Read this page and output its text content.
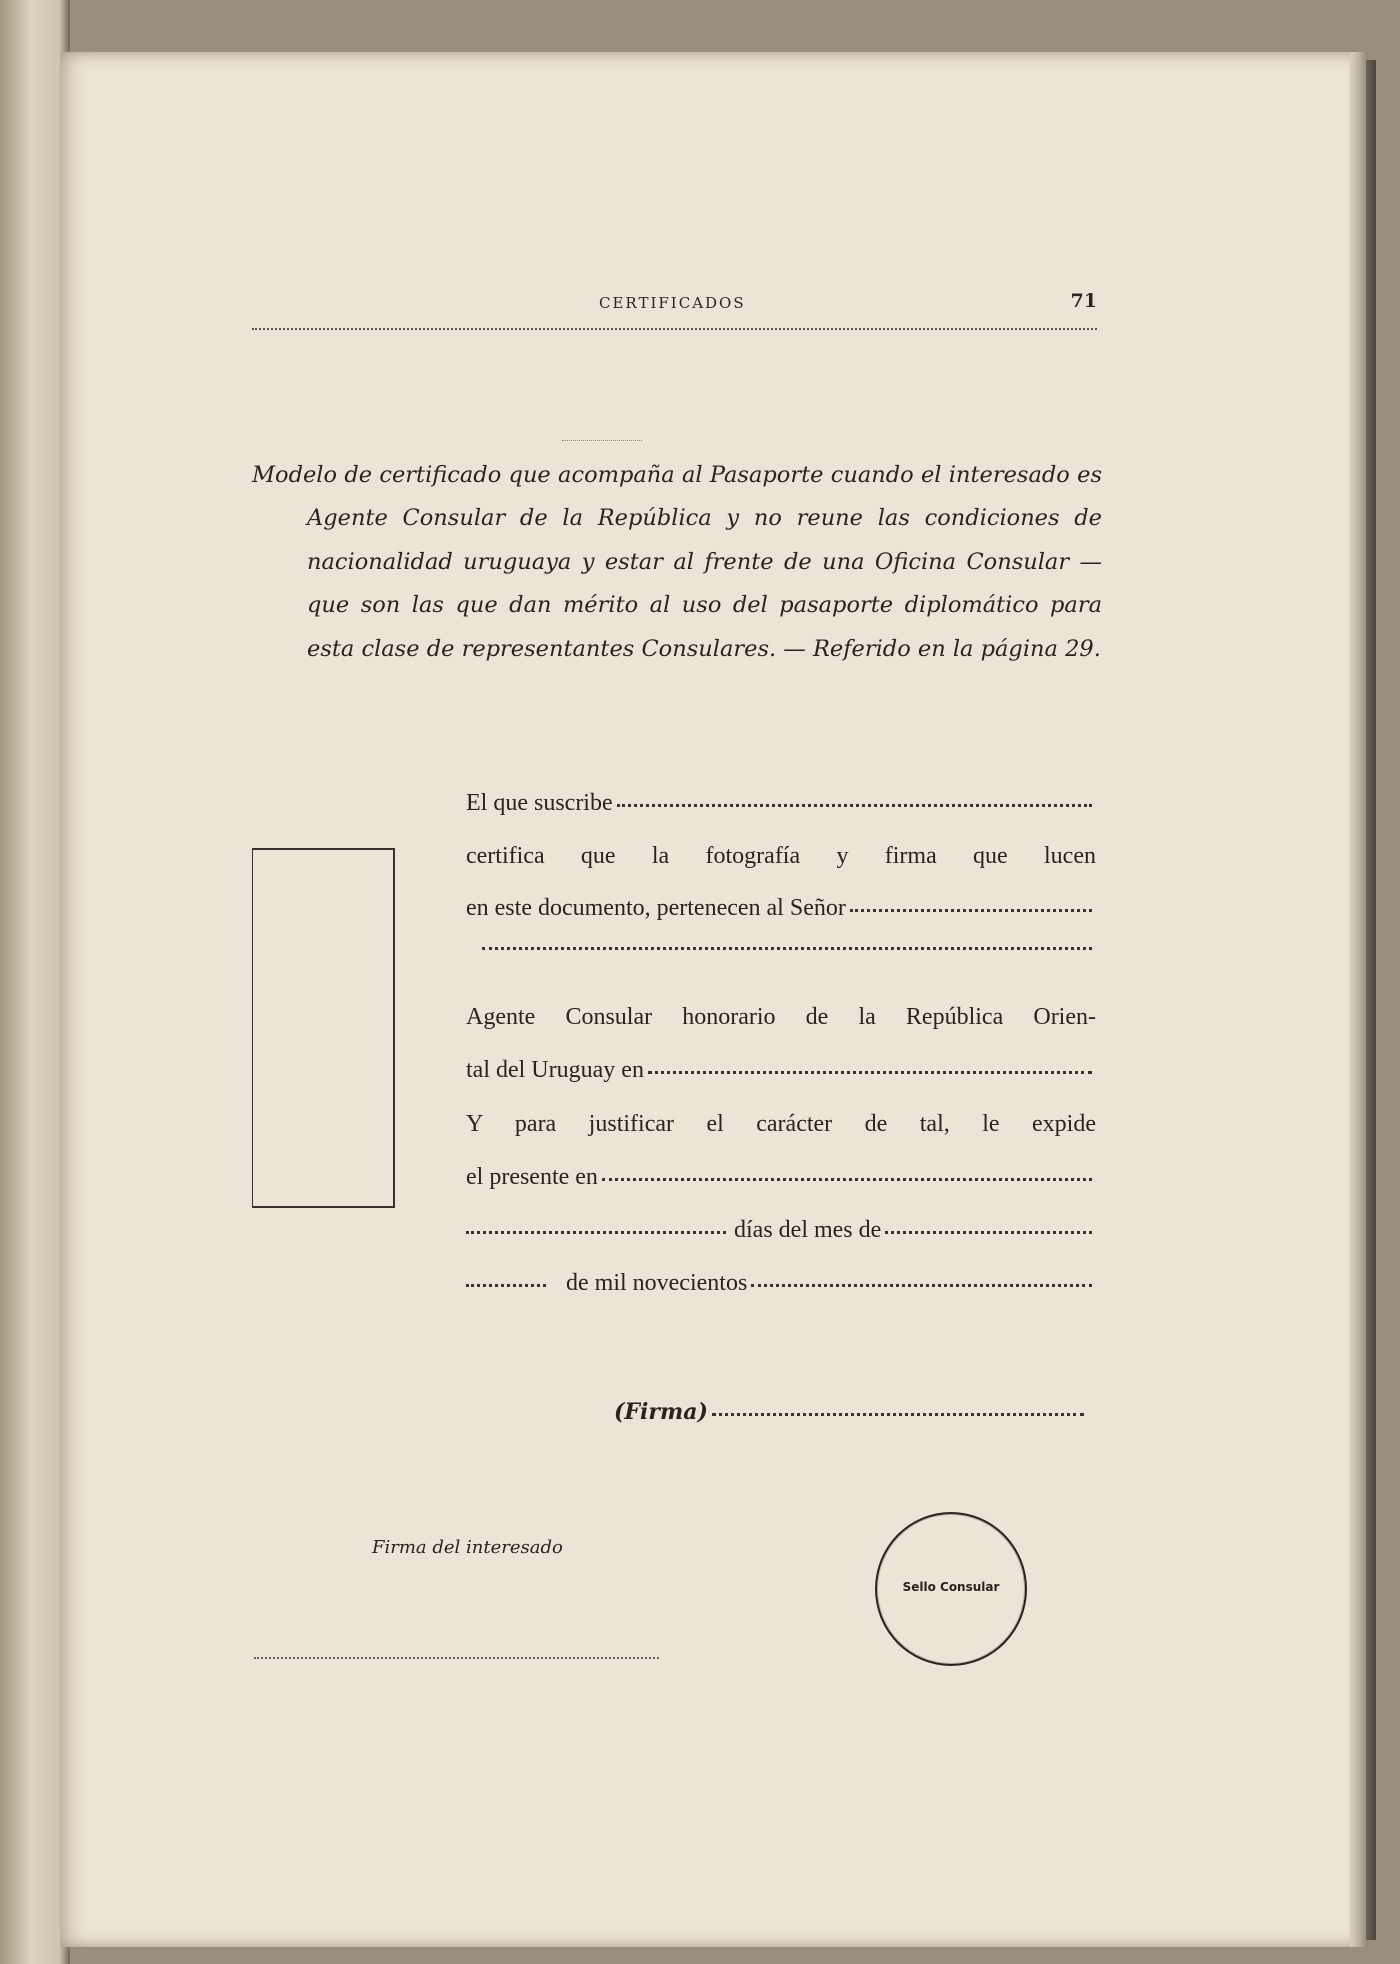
CERTIFICADOS	71
Modelo de certificado que acompaña al Pasaporte cuando el interesado es Agente Consular de la República y no reune las condiciones de nacionalidad uruguaya y estar al frente de una Oficina Consular — que son las que dan mérito al uso del pasaporte diplomático para esta clase de representantes Consulares. — Referido en la página 29.
El que suscribe
certifica que la fotografía y firma que lucen
en este documento, pertenecen al Señor
Agente Consular honorario de la República Orien-
tal del Uruguay en
Y para justificar el carácter de tal, le expide
el presente en
días del mes de
de mil novecientos
(Firma)
Firma del interesado
Sello Consular
